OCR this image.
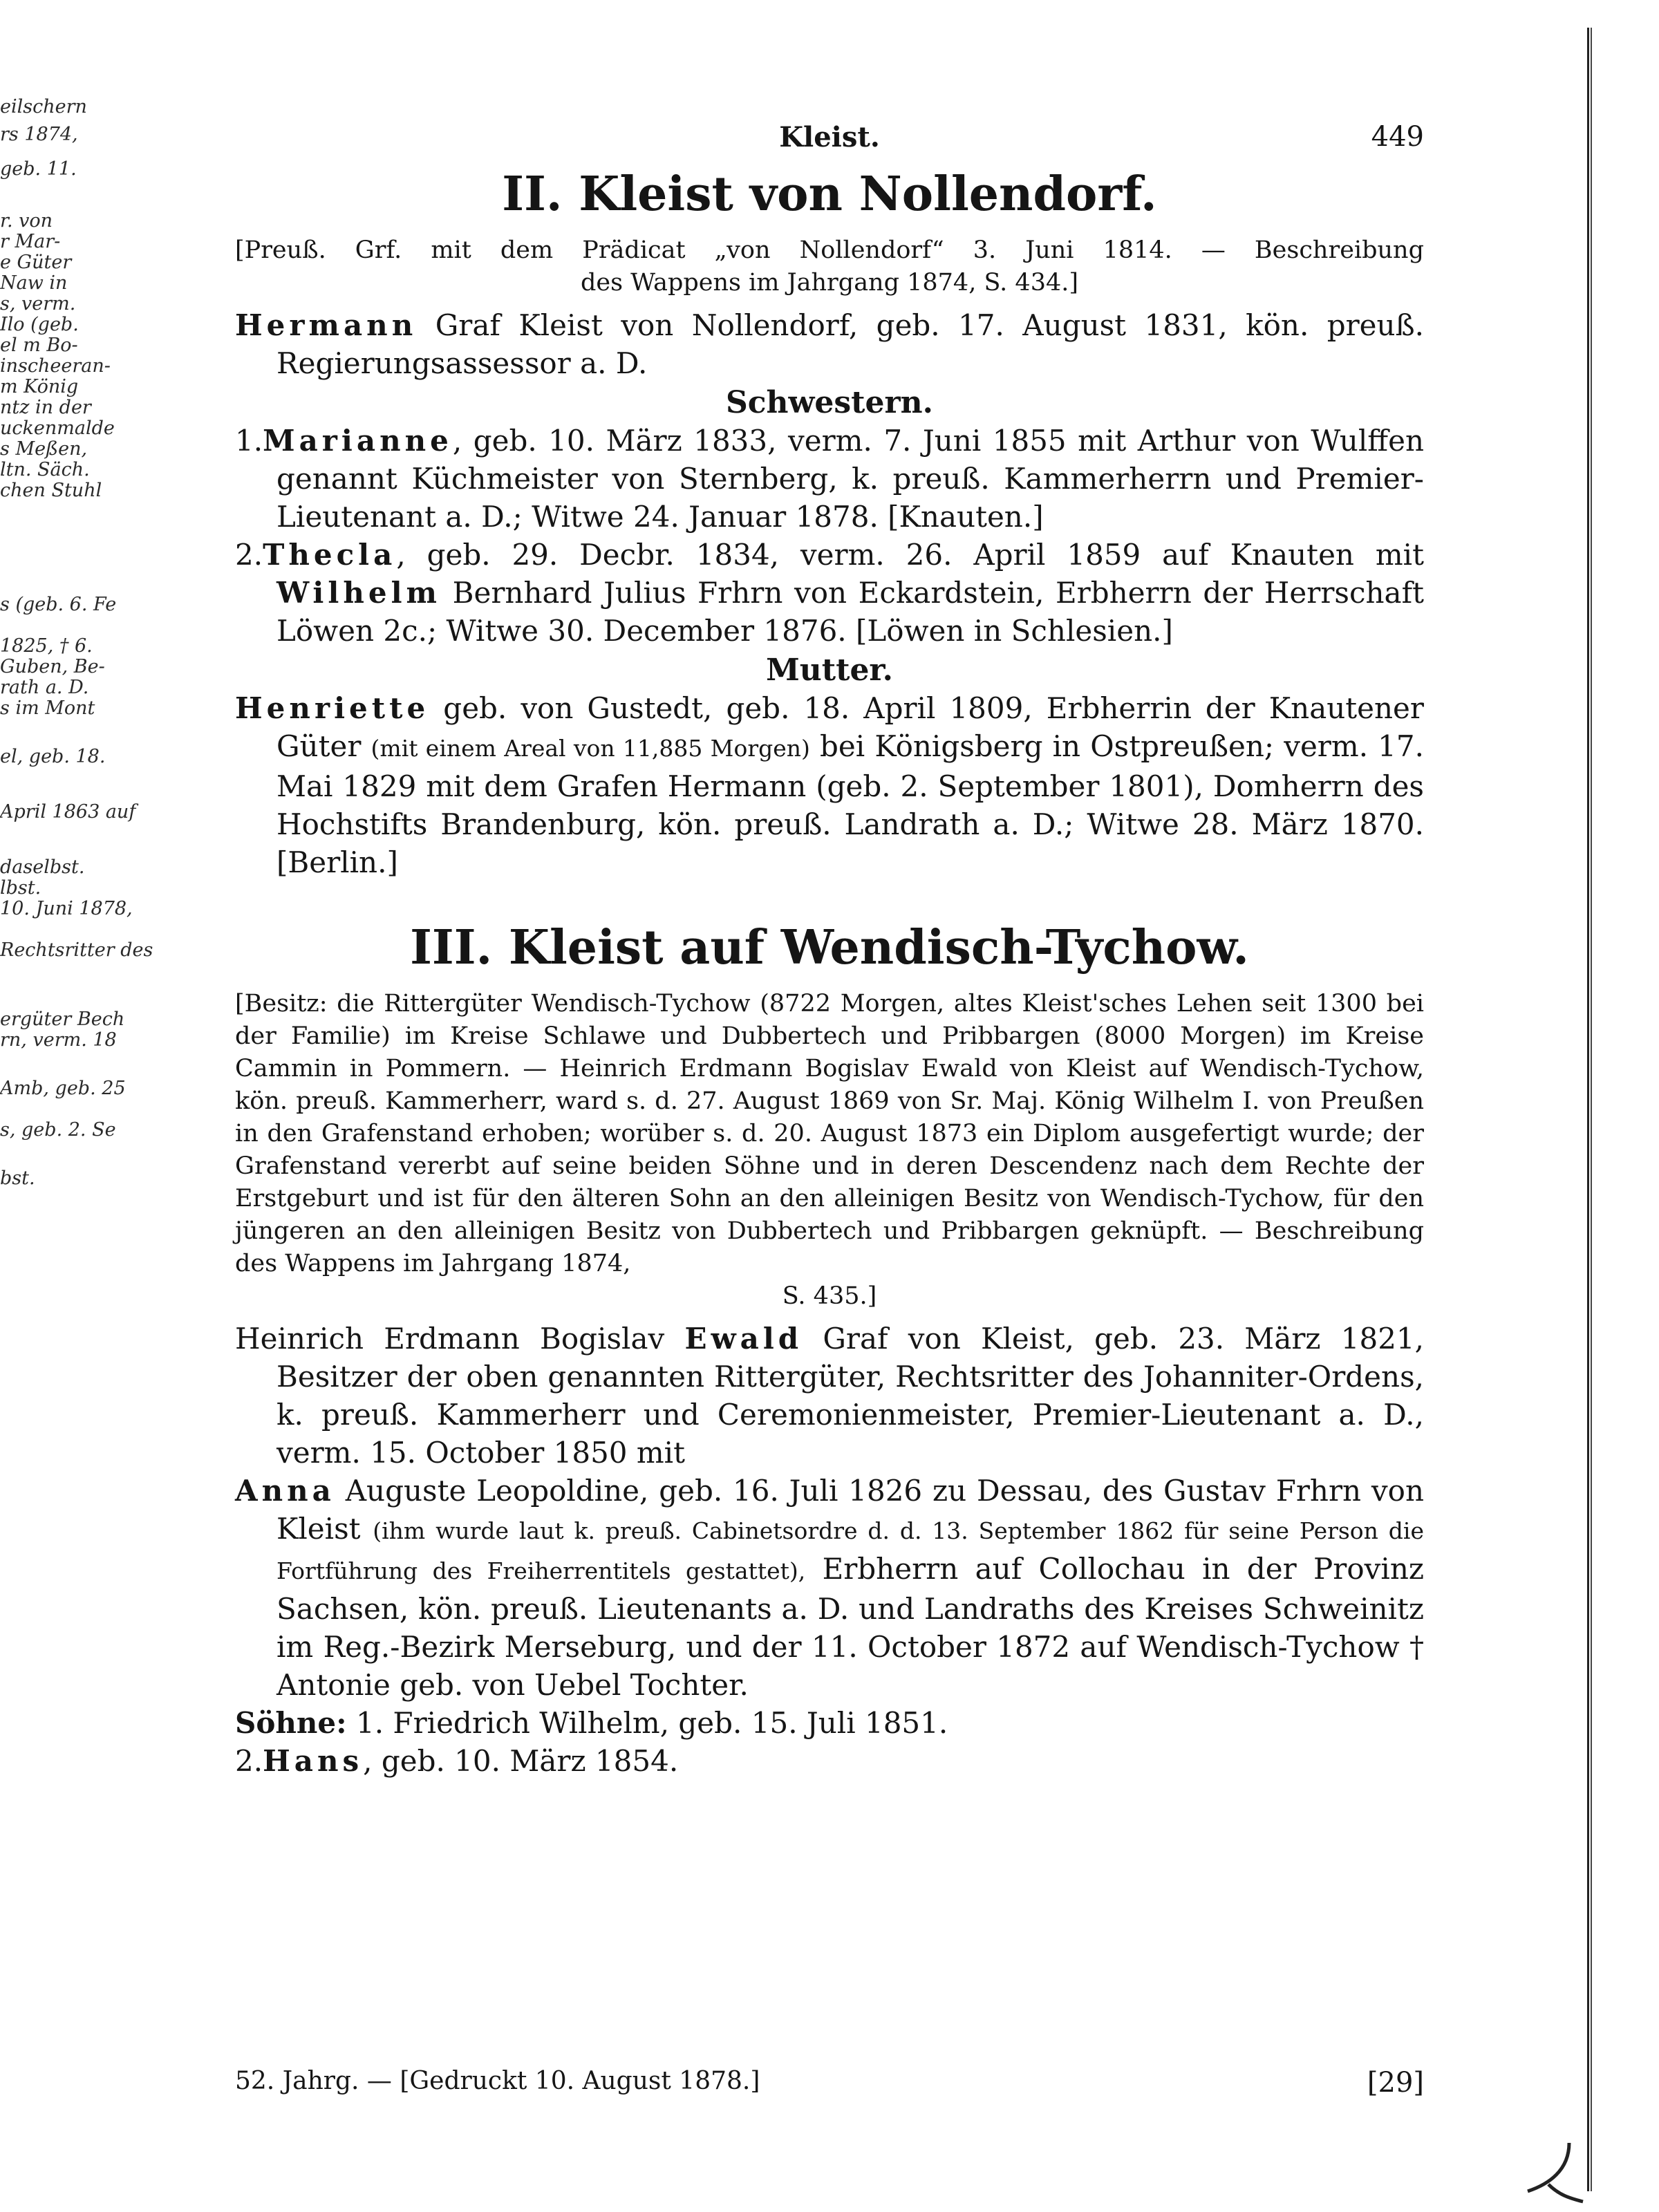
eilschern
rs 1874,
geb. 11.
r. von
r Mar-
e Güter
Naw in
s, verm.
Ilo (geb.
el m Bo-
inscheeran-
m König
ntz in der
uckenmalde
s Meßen,
ltn. Säch.
chen Stuhl
s (geb. 6. Fe
1825, † 6.
Guben, Be-
rath a. D.
s im Mont
el, geb. 18.
April 1863 auf
daselbst.
lbst.
10. Juni 1878,
Rechtsritter des
ergüter Bech
rn, verm. 18
Amb, geb. 25
s, geb. 2. Se
bst.
Kleist.	449
II. Kleist von Nollendorf.
[Preuß. Grf. mit dem Prädicat „von Nollendorf“ 3. Juni 1814. — Beschreibung
des Wappens im Jahrgang 1874, S. 434.]

Hermann Graf Kleist von Nollendorf, geb. 17. August 1831, kön. preuß. Regierungsassessor a. D.

Schwestern.

1.Marianne, geb. 10. März 1833, verm. 7. Juni 1855 mit Arthur von Wulffen genannt Küchmeister von Sternberg, k. preuß. Kammerherrn und Premier-Lieutenant a. D.; Witwe 24. Januar 1878. [Knauten.]

2.Thecla, geb. 29. Decbr. 1834, verm. 26. April 1859 auf Knauten mit Wilhelm Bernhard Julius Frhrn von Eckardstein, Erbherrn der Herrschaft Löwen 2c.; Witwe 30. December 1876. [Löwen in Schlesien.]

Mutter.

Henriette geb. von Gustedt, geb. 18. April 1809, Erbherrin der Knautener Güter (mit einem Areal von 11,885 Morgen) bei Königsberg in Ostpreußen; verm. 17. Mai 1829 mit dem Grafen Hermann (geb. 2. September 1801), Domherrn des Hochstifts Brandenburg, kön. preuß. Landrath a. D.; Witwe 28. März 1870. [Berlin.]

III. Kleist auf Wendisch-Tychow.
[Besitz: die Rittergüter Wendisch-Tychow (8722 Morgen, altes Kleist'sches Lehen seit 1300 bei der Familie) im Kreise Schlawe und Dubbertech und Pribbargen (8000 Morgen) im Kreise Cammin in Pommern. — Heinrich Erdmann Bogislav Ewald von Kleist auf Wendisch-Tychow, kön. preuß. Kammerherr, ward s. d. 27. August 1869 von Sr. Maj. König Wilhelm I. von Preußen in den Grafenstand erhoben; worüber s. d. 20. August 1873 ein Diplom ausgefertigt wurde; der Grafenstand vererbt auf seine beiden Söhne und in deren Descendenz nach dem Rechte der Erstgeburt und ist für den älteren Sohn an den alleinigen Besitz von Wendisch-Tychow, für den jüngeren an den alleinigen Besitz von Dubbertech und Pribbargen geknüpft. — Beschreibung des Wappens im Jahrgang 1874,
S. 435.]

Heinrich Erdmann Bogislav Ewald Graf von Kleist, geb. 23. März 1821, Besitzer der oben genannten Rittergüter, Rechtsritter des Johanniter-Ordens, k. preuß. Kammerherr und Ceremonienmeister, Premier-Lieutenant a. D., verm. 15. October 1850 mit

Anna Auguste Leopoldine, geb. 16. Juli 1826 zu Dessau, des Gustav Frhrn von Kleist (ihm wurde laut k. preuß. Cabinetsordre d. d. 13. September 1862 für seine Person die Fortführung des Freiherrentitels gestattet), Erbherrn auf Collochau in der Provinz Sachsen, kön. preuß. Lieutenants a. D. und Landraths des Kreises Schweinitz im Reg.-Bezirk Merseburg, und der 11. October 1872 auf Wendisch-Tychow † Antonie geb. von Uebel Tochter.

Söhne: 1. Friedrich Wilhelm, geb. 15. Juli 1851.

2.Hans, geb. 10. März 1854.

52. Jahrg. — [Gedruckt 10. August 1878.]	[29]
